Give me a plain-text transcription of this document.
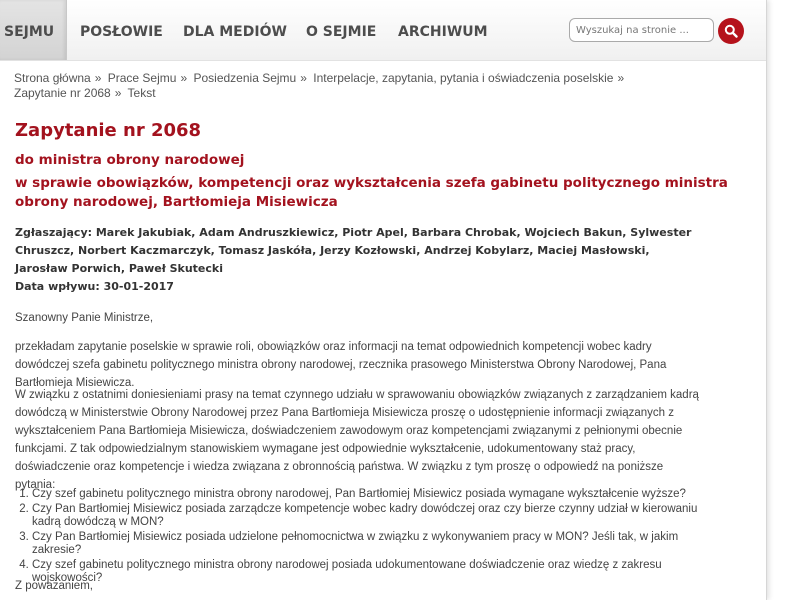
SEJMU	POSŁOWIE DLA MEDIÓW O SEJMIE ARCHIWUM
Wyszukaj na stronie ...
Strona główna » Prace Sejmu » Posiedzenia Sejmu » Interpelacje, zapytania, pytania i oświadczenia poselskie » Zapytanie nr 2068 » Tekst
Zapytanie nr 2068
do ministra obrony narodowej
w sprawie obowiązków, kompetencji oraz wykształcenia szefa gabinetu politycznego ministra
obrony narodowej, Bartłomieja Misiewicza
Zgłaszający: Marek Jakubiak, Adam Andruszkiewicz, Piotr Apel, Barbara Chrobak, Wojciech Bakun, Sylwester Chruszcz, Norbert Kaczmarczyk, Tomasz Jaskóła, Jerzy Kozłowski, Andrzej Kobylarz, Maciej Masłowski, Jarosław Porwich, Paweł Skutecki
Data wpływu: 30-01-2017

Szanowny Panie Ministrze,

przekładam zapytanie poselskie w sprawie roli, obowiązków oraz informacji na temat odpowiednich kompetencji wobec kadry dowódczej szefa gabinetu politycznego ministra obrony narodowej, rzecznika prasowego Ministerstwa Obrony Narodowej, Pana Bartłomieja Misiewicza.

W związku z ostatnimi doniesieniami prasy na temat czynnego udziału w sprawowaniu obowiązków związanych z zarządzaniem kadrą dowódczą w Ministerstwie Obrony Narodowej przez Pana Bartłomieja Misiewicza proszę o udostępnienie informacji związanych z wykształceniem Pana Bartłomieja Misiewicza, doświadczeniem zawodowym oraz kompetencjami związanymi z pełnionymi obecnie funkcjami. Z tak odpowiedzialnym stanowiskiem wymagane jest odpowiednie wykształcenie, udokumentowany staż pracy, doświadczenie oraz kompetencje i wiedza związana z obronnością państwa. W związku z tym proszę o odpowiedź na poniższe pytania:

1. Czy szef gabinetu politycznego ministra obrony narodowej, Pan Bartłomiej Misiewicz posiada wymagane wykształcenie wyższe?
2. Czy Pan Bartłomiej Misiewicz posiada zarządcze kompetencje wobec kadry dowódczej oraz czy bierze czynny udział w kierowaniu kadrą dowódczą w MON?
3. Czy Pan Bartłomiej Misiewicz posiada udzielone pełnomocnictwa w związku z wykonywaniem pracy w MON? Jeśli tak, w jakim zakresie?
4. Czy szef gabinetu politycznego ministra obrony narodowej posiada udokumentowane doświadczenie oraz wiedzę z zakresu wojskowości?

Z poważaniem,
